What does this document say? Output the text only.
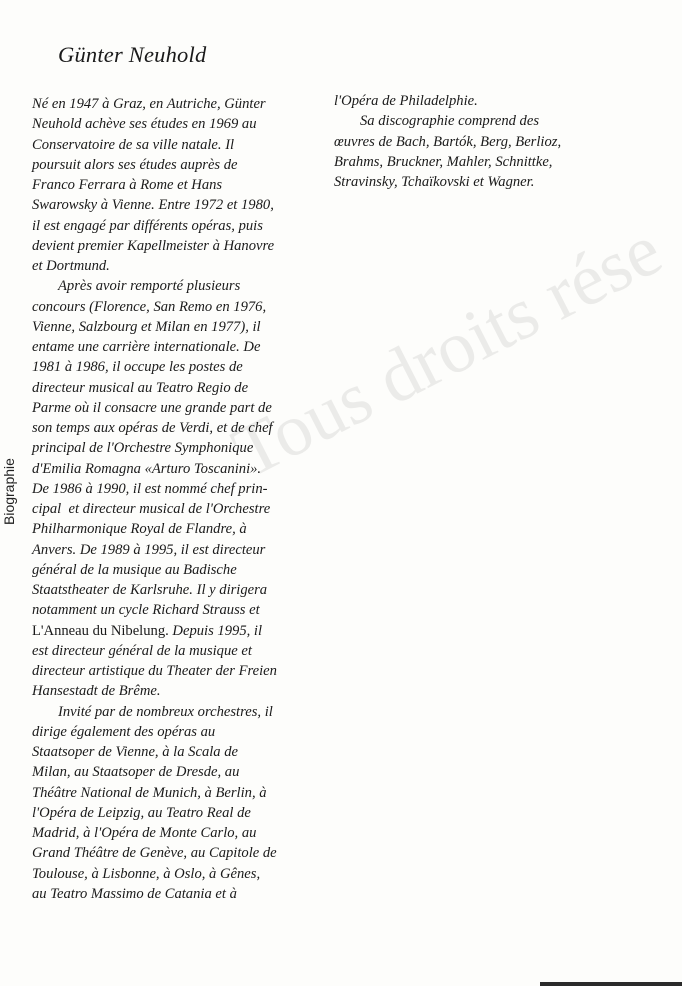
Günter Neuhold
Né en 1947 à Graz, en Autriche, Günter
Neuhold achève ses études en 1969 au
Conservatoire de sa ville natale. Il
poursuit alors ses études auprès de
Franco Ferrara à Rome et Hans
Swarowsky à Vienne. Entre 1972 et 1980,
il est engagé par différents opéras, puis
devient premier Kapellmeister à Hanovre
et Dortmund.
Après avoir remporté plusieurs
concours (Florence, San Remo en 1976,
Vienne, Salzbourg et Milan en 1977), il
entame une carrière internationale. De
1981 à 1986, il occupe les postes de
directeur musical au Teatro Regio de
Parme où il consacre une grande part de
son temps aux opéras de Verdi, et de chef
principal de l'Orchestre Symphonique
d'Emilia Romagna «Arturo Toscanini».
De 1986 à 1990, il est nommé chef prin-
cipal  et directeur musical de l'Orchestre
Philharmonique Royal de Flandre, à
Anvers. De 1989 à 1995, il est directeur
général de la musique au Badische
Staatstheater de Karlsruhe. Il y dirigera
notamment un cycle Richard Strauss et
L'Anneau du Nibelung. Depuis 1995, il
est directeur général de la musique et
directeur artistique du Theater der Freien
Hansestadt de Brême.
Invité par de nombreux orchestres, il
dirige également des opéras au
Staatsoper de Vienne, à la Scala de
Milan, au Staatsoper de Dresde, au
Théâtre National de Munich, à Berlin, à
l'Opéra de Leipzig, au Teatro Real de
Madrid, à l'Opéra de Monte Carlo, au
Grand Théâtre de Genève, au Capitole de
Toulouse, à Lisbonne, à Oslo, à Gênes,
au Teatro Massimo de Catania et à
l'Opéra de Philadelphie.
Sa discographie comprend des
œuvres de Bach, Bartók, Berg, Berlioz,
Brahms, Bruckner, Mahler, Schnittke,
Stravinsky, Tchaïkovski et Wagner.
Biographie	Tous droits rése
